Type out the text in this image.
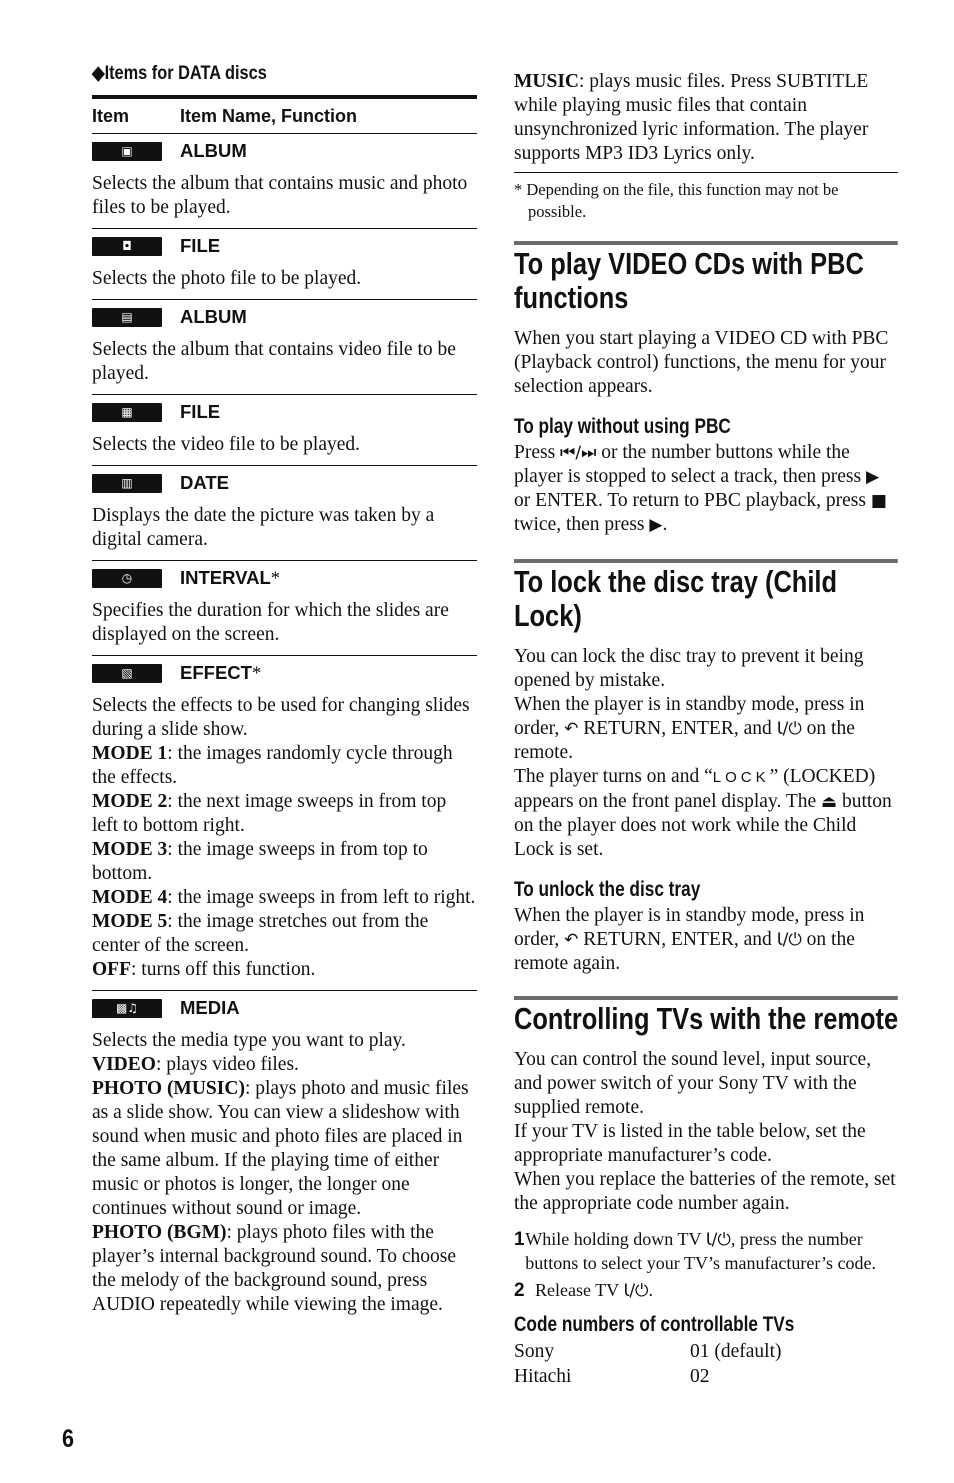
◆Items for DATA discs
Item	Item Name, Function
▣	ALBUM
Selects the album that contains music and photo files to be played.
◘	FILE
Selects the photo file to be played.
▤	ALBUM
Selects the album that contains video file to be played.
▦	FILE
Selects the video file to be played.
▥	DATE
Displays the date the picture was taken by a digital camera.
◷	INTERVAL*
Specifies the duration for which the slides are displayed on the screen.
▧	EFFECT*
Selects the effects to be used for changing slides during a slide show.
MODE 1: the images randomly cycle through the effects.
MODE 2: the next image sweeps in from top left to bottom right.
MODE 3: the image sweeps in from top to bottom.
MODE 4: the image sweeps in from left to right.
MODE 5: the image stretches out from the center of the screen.
OFF: turns off this function.
▩♫ MEDIA
Selects the media type you want to play.
VIDEO: plays video files.
PHOTO (MUSIC): plays photo and music files as a slide show. You can view a slideshow with sound when music and photo files are placed in the same album. If the playing time of either music or photos is longer, the longer one continues without sound or image.
PHOTO (BGM): plays photo files with the player’s internal background sound. To choose the melody of the background sound, press AUDIO repeatedly while viewing the image.
MUSIC: plays music files. Press SUBTITLE while playing music files that contain unsynchronized lyric information. The player supports MP3 ID3 Lyrics only.
* Depending on the file, this function may not be possible.
To play VIDEO CDs with PBC functions
When you start playing a VIDEO CD with PBC (Playback control) functions, the menu for your selection appears.
To play without using PBC
Press ⏮/⏭ or the number buttons while the player is stopped to select a track, then press ▶ or ENTER. To return to PBC playback, press ■ twice, then press ▶.
To lock the disc tray (Child Lock)
You can lock the disc tray to prevent it being opened by mistake.
When the player is in standby mode, press in order, ↶ RETURN, ENTER, and Ɩ/⏻ on the remote.
The player turns on and “LOCK” (LOCKED) appears on the front panel display. The ⏏ button on the player does not work while the Child Lock is set.
To unlock the disc tray
When the player is in standby mode, press in order, ↶ RETURN, ENTER, and Ɩ/⏻ on the remote again.
Controlling TVs with the remote
You can control the sound level, input source, and power switch of your Sony TV with the supplied remote.
If your TV is listed in the table below, set the appropriate manufacturer’s code.
When you replace the batteries of the remote, set the appropriate code number again.
1 While holding down TV Ɩ/⏻, press the number buttons to select your TV’s manufacturer’s code.
2 Release TV Ɩ/⏻.
Code numbers of controllable TVs
Sony	01 (default)
Hitachi	02
6
